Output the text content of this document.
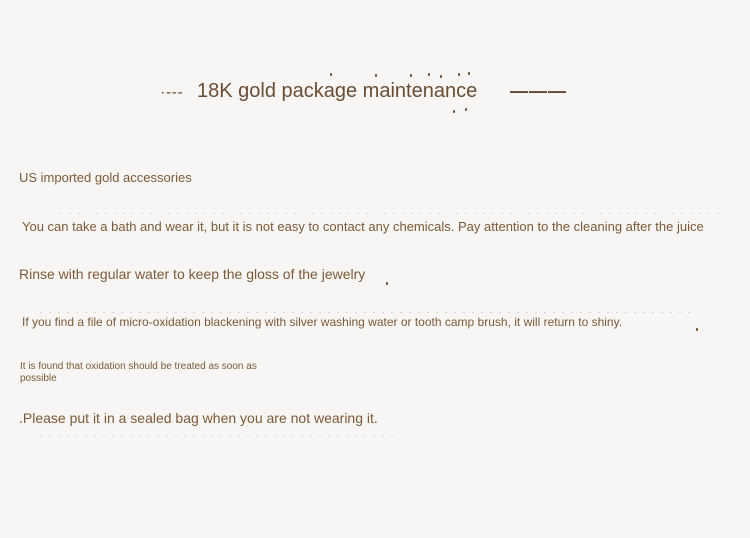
·--- 18K gold package maintenance ———
US imported gold accessories
You can take a bath and wear it, but it is not easy to contact any chemicals. Pay attention to the cleaning after the juice
Rinse with regular water to keep the gloss of the jewelry
If you find a file of micro-oxidation blackening with silver washing water or tooth camp brush, it will return to shiny.
It is found that oxidation should be treated as soon as possible
.Please put it in a sealed bag when you are not wearing it.
